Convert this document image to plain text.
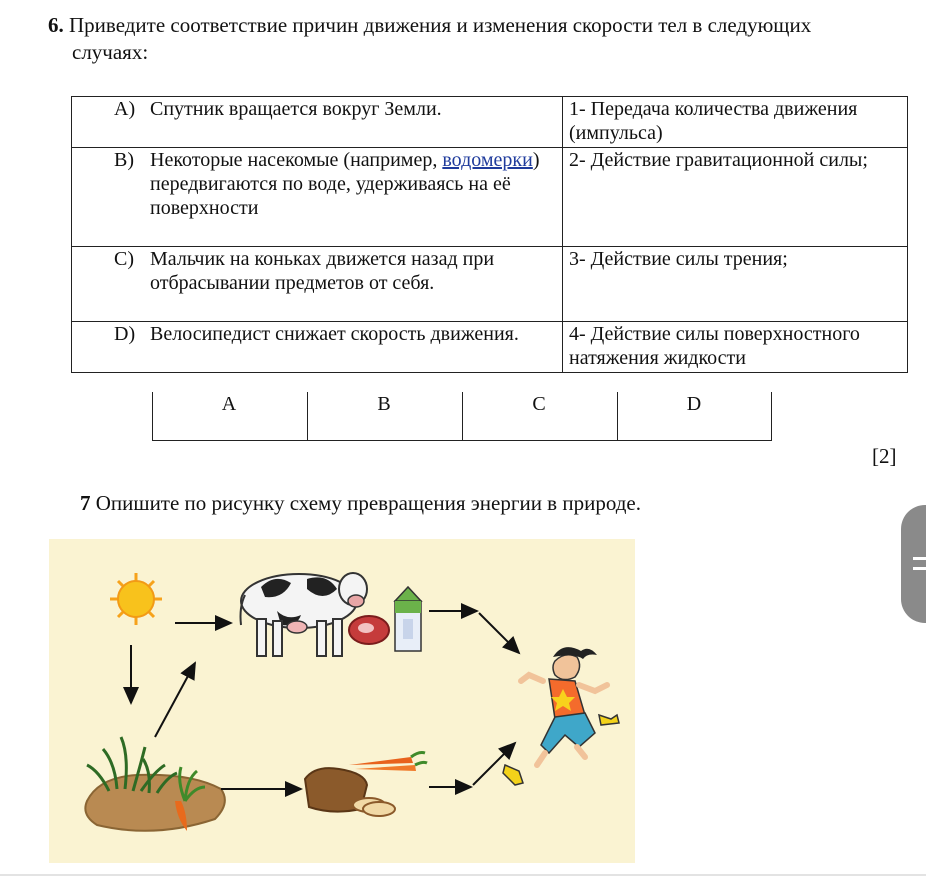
6. Приведите соответствие причин движения и изменения скорости тел в следующих
случаях:
A) Спутник вращается вокруг Земли.	1- Передача количества движения (импульса)

B) Некоторые насекомые (например, водомерки) передвигаются по воде, удерживаясь на её поверхности	2- Действие гравитационной силы;

C) Мальчик на коньках движется назад при отбрасывании предметов от себя.	3- Действие силы трения;

D) Велосипедист снижает скорость движения.	4- Действие силы поверхностного натяжения жидкости
A	B	C	D
[2]
7 Опишите по рисунку схему превращения энергии в природе.
